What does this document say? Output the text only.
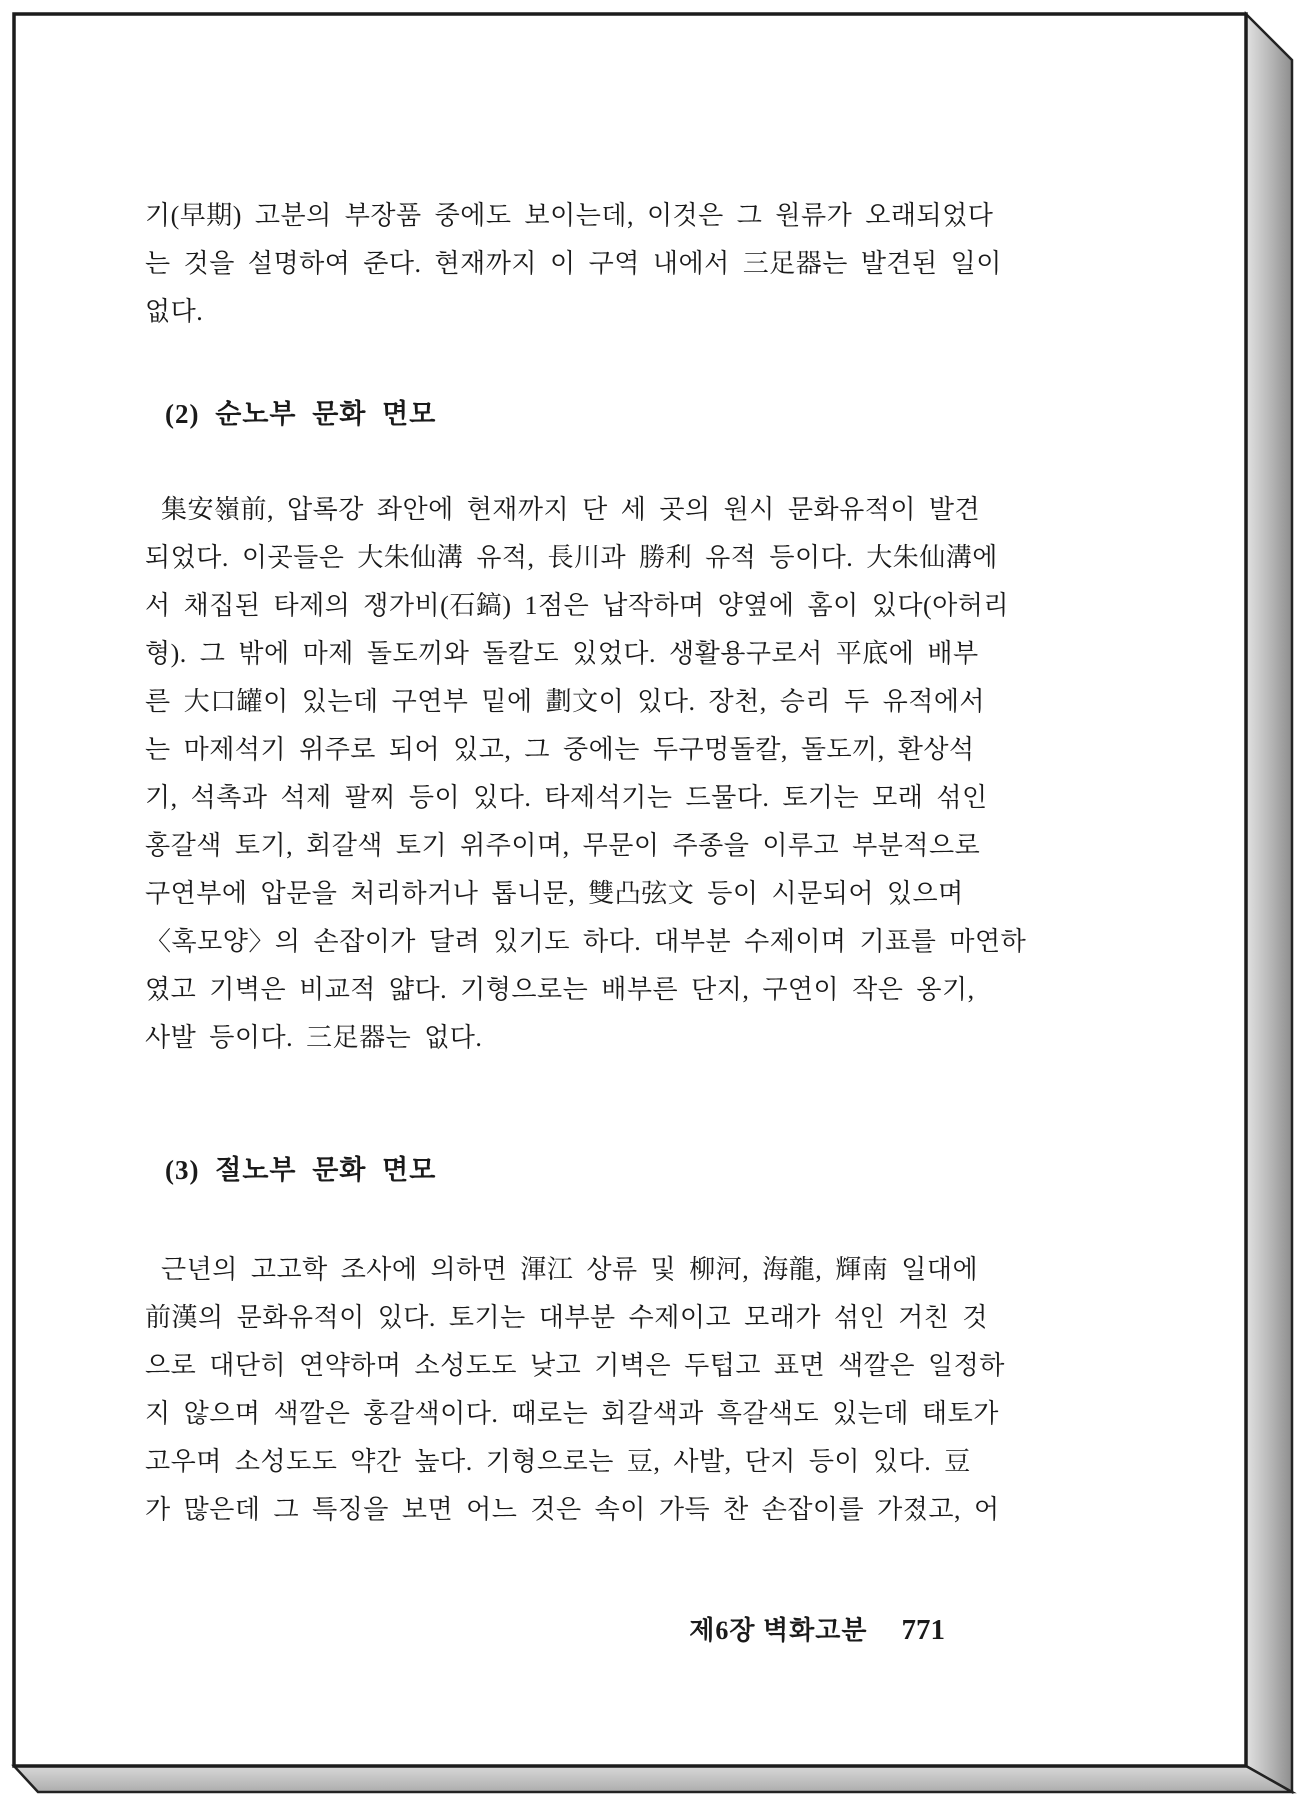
기(早期) 고분의 부장품 중에도 보이는데, 이것은 그 원류가 오래되었다
는 것을 설명하여 준다. 현재까지 이 구역 내에서 三足器는 발견된 일이
없다.
(2) 순노부 문화 면모
集安嶺前, 압록강 좌안에 현재까지 단 세 곳의 원시 문화유적이 발견
되었다. 이곳들은 大朱仙溝 유적, 長川과 勝利 유적 등이다. 大朱仙溝에
서 채집된 타제의 쟁가비(石鎬) 1점은 납작하며 양옆에 홈이 있다(아허리
형). 그 밖에 마제 돌도끼와 돌칼도 있었다. 생활용구로서 平底에 배부
른 大口罐이 있는데 구연부 밑에 劃文이 있다. 장천, 승리 두 유적에서
는 마제석기 위주로 되어 있고, 그 중에는 두구멍돌칼, 돌도끼, 환상석
기, 석촉과 석제 팔찌 등이 있다. 타제석기는 드물다. 토기는 모래 섞인
홍갈색 토기, 회갈색 토기 위주이며, 무문이 주종을 이루고 부분적으로
구연부에 압문을 처리하거나 톱니문, 雙凸弦文 등이 시문되어 있으며
〈혹모양〉의 손잡이가 달려 있기도 하다. 대부분 수제이며 기표를 마연하
였고 기벽은 비교적 얇다. 기형으로는 배부른 단지, 구연이 작은 옹기,
사발 등이다. 三足器는 없다.
(3) 절노부 문화 면모
근년의 고고학 조사에 의하면 渾江 상류 및 柳河, 海龍, 輝南 일대에
前漢의 문화유적이 있다. 토기는 대부분 수제이고 모래가 섞인 거친 것
으로 대단히 연약하며 소성도도 낮고 기벽은 두텁고 표면 색깔은 일정하
지 않으며 색깔은 홍갈색이다. 때로는 회갈색과 흑갈색도 있는데 태토가
고우며 소성도도 약간 높다. 기형으로는 豆, 사발, 단지 등이 있다. 豆
가 많은데 그 특징을 보면 어느 것은 속이 가득 찬 손잡이를 가졌고, 어
제6장 벽화고분 771
